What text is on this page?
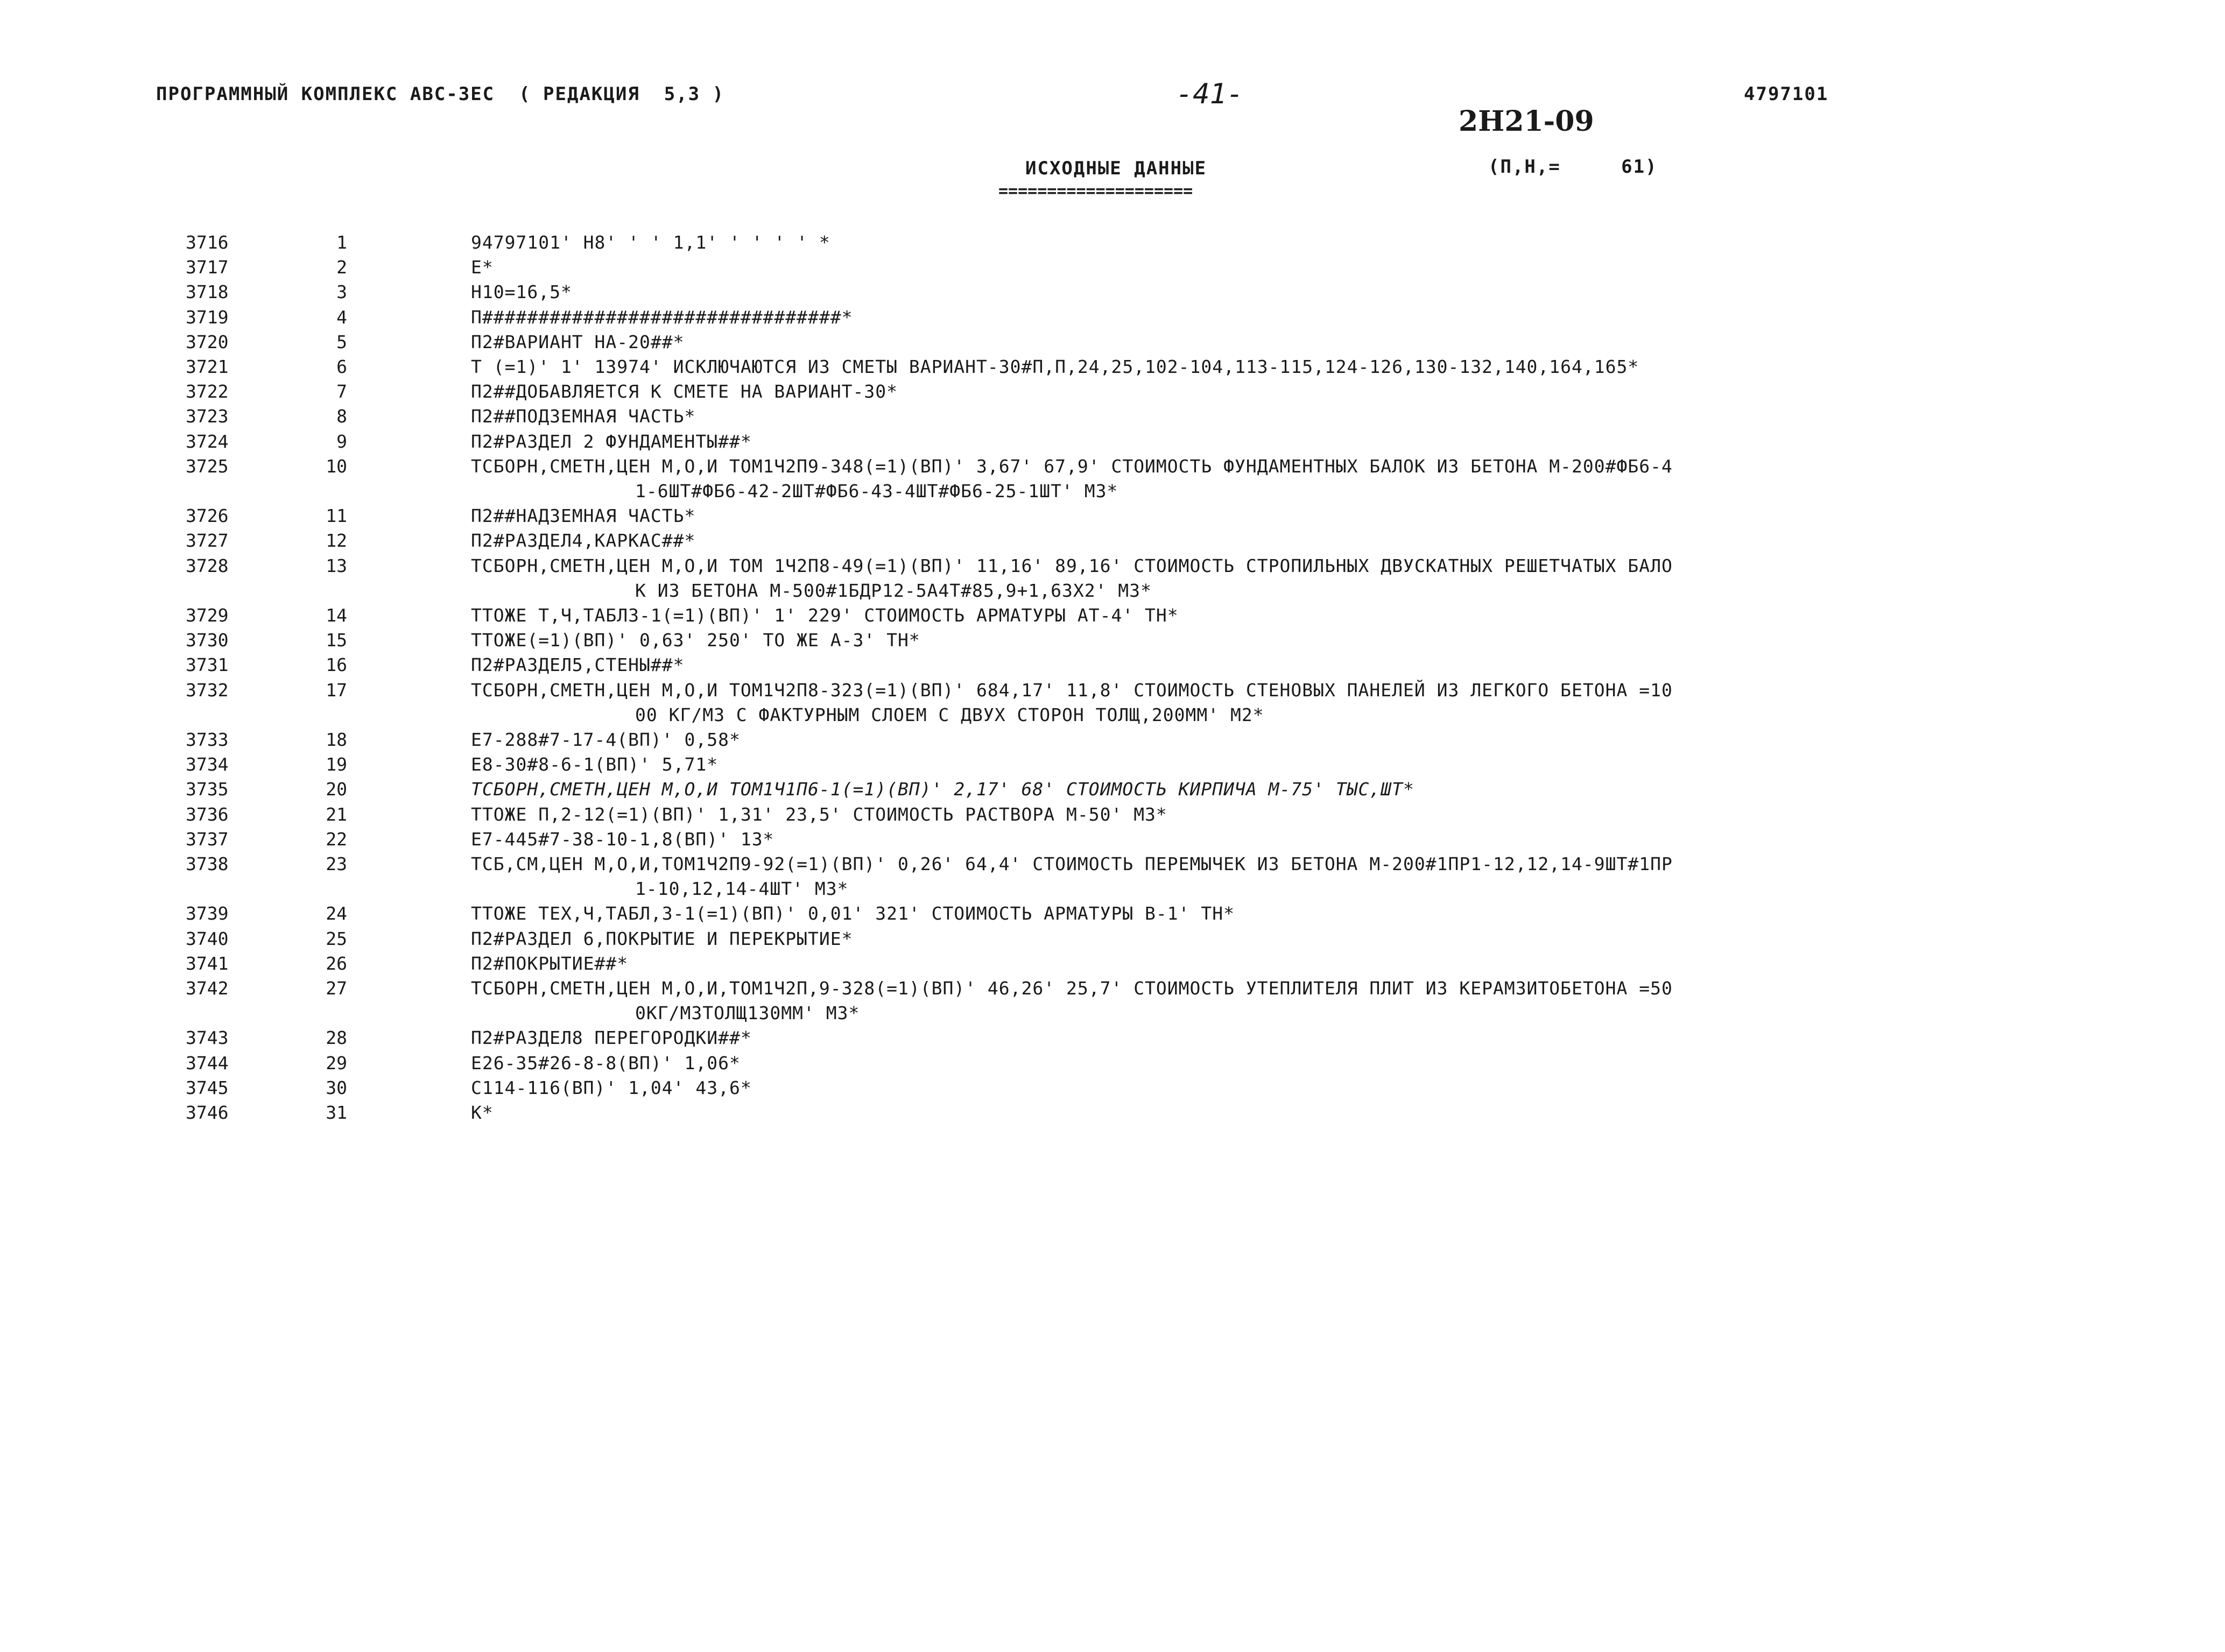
ПРОГРАММНЫЙ КОМПЛЕКС АВС-ЗЕС  ( РЕДАКЦИЯ  5,3 )	-41-	4797101
2Н21-09
ИСХОДНЫЕ ДАННЫЕ
====================
(П,Н,=     61)
3716	1	94797101' Н8' ' ' 1,1' ' ' ' ' *
3717	2	Е*
3718	3	Н10=16,5*
3719	4	П################################*
3720	5	П2#ВАРИАНТ НА-20##*
3721	6	Т (=1)' 1' 13974' ИСКЛЮЧАЮТСЯ ИЗ СМЕТЫ ВАРИАНТ-30#П,П,24,25,102-104,113-115,124-126,130-132,140,164,165*
3722	7	П2##ДОБАВЛЯЕТСЯ К СМЕТЕ НА ВАРИАНТ-30*
3723	8	П2##ПОДЗЕМНАЯ ЧАСТЬ*
3724	9	П2#РАЗДЕЛ 2 ФУНДАМЕНТЫ##*
3725	10	ТСБОРН,СМЕТН,ЦЕН М,О,И ТОМ1Ч2П9-348(=1)(ВП)' 3,67' 67,9' СТОИМОСТЬ ФУНДАМЕНТНЫХ БАЛОК ИЗ БЕТОНА М-200#ФБ6-4
1-6ШТ#ФБ6-42-2ШТ#ФБ6-43-4ШТ#ФБ6-25-1ШТ' М3*
3726	11	П2##НАДЗЕМНАЯ ЧАСТЬ*
3727	12	П2#РАЗДЕЛ4,КАРКАС##*
3728	13	ТСБОРН,СМЕТН,ЦЕН М,О,И ТОМ 1Ч2П8-49(=1)(ВП)' 11,16' 89,16' СТОИМОСТЬ СТРОПИЛЬНЫХ ДВУСКАТНЫХ РЕШЕТЧАТЫХ БАЛО
К ИЗ БЕТОНА М-500#1БДР12-5А4Т#85,9+1,63Х2' М3*
3729	14	ТТОЖЕ Т,Ч,ТАБЛ3-1(=1)(ВП)' 1' 229' СТОИМОСТЬ АРМАТУРЫ АТ-4' ТН*
3730	15	ТТОЖЕ(=1)(ВП)' 0,63' 250' ТО ЖЕ А-3' ТН*
3731	16	П2#РАЗДЕЛ5,СТЕНЫ##*
3732	17	ТСБОРН,СМЕТН,ЦЕН М,О,И ТОМ1Ч2П8-323(=1)(ВП)' 684,17' 11,8' СТОИМОСТЬ СТЕНОВЫХ ПАНЕЛЕЙ ИЗ ЛЕГКОГО БЕТОНА =10
00 КГ/М3 С ФАКТУРНЫМ СЛОЕМ С ДВУХ СТОРОН ТОЛЩ,200ММ' М2*
3733	18	Е7-288#7-17-4(ВП)' 0,58*
3734	19	Е8-30#8-6-1(ВП)' 5,71*
3735	20	ТСБОРН,СМЕТН,ЦЕН М,О,И ТОМ1Ч1П6-1(=1)(ВП)' 2,17' 68' СТОИМОСТЬ КИРПИЧА М-75' ТЫС,ШТ*
3736	21	ТТОЖЕ П,2-12(=1)(ВП)' 1,31' 23,5' СТОИМОСТЬ РАСТВОРА М-50' М3*
3737	22	Е7-445#7-38-10-1,8(ВП)' 13*
3738	23	ТСБ,СМ,ЦЕН М,О,И,ТОМ1Ч2П9-92(=1)(ВП)' 0,26' 64,4' СТОИМОСТЬ ПЕРЕМЫЧЕК ИЗ БЕТОНА М-200#1ПР1-12,12,14-9ШТ#1ПР
1-10,12,14-4ШТ' М3*
3739	24	ТТОЖЕ ТЕХ,Ч,ТАБЛ,3-1(=1)(ВП)' 0,01' 321' СТОИМОСТЬ АРМАТУРЫ В-1' ТН*
3740	25	П2#РАЗДЕЛ 6,ПОКРЫТИЕ И ПЕРЕКРЫТИЕ*
3741	26	П2#ПОКРЫТИЕ##*
3742	27	ТСБОРН,СМЕТН,ЦЕН М,О,И,ТОМ1Ч2П,9-328(=1)(ВП)' 46,26' 25,7' СТОИМОСТЬ УТЕПЛИТЕЛЯ ПЛИТ ИЗ КЕРАМЗИТОБЕТОНА =50
0КГ/М3ТОЛЩ130ММ' М3*
3743	28	П2#РАЗДЕЛ8 ПЕРЕГОРОДКИ##*
3744	29	Е26-35#26-8-8(ВП)' 1,06*
3745	30	С114-116(ВП)' 1,04' 43,6*
3746	31	К*
